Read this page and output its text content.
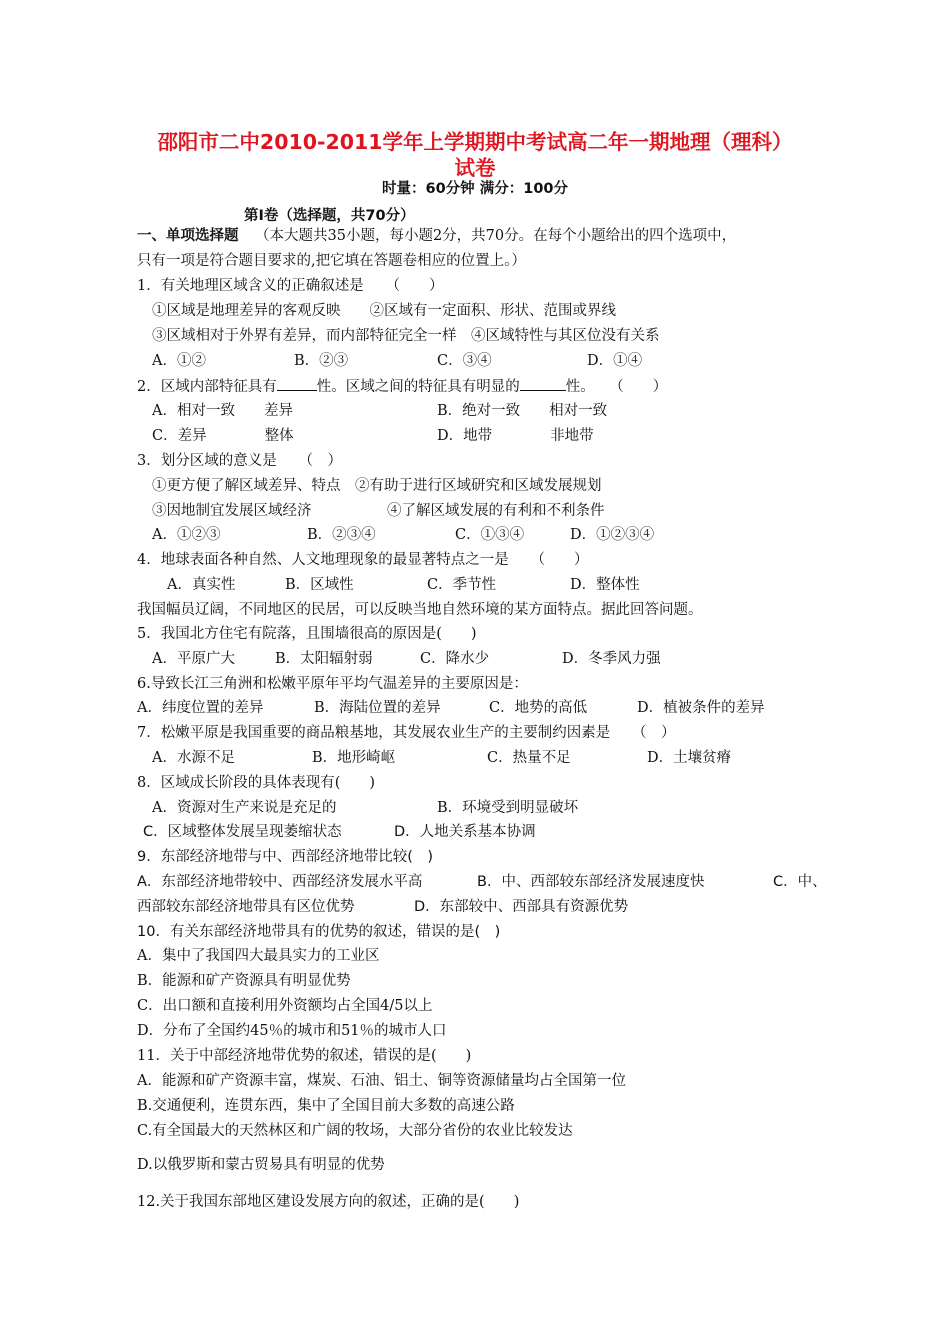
邵阳市二中2010-2011学年上学期期中考试高二年一期地理（理科）
试卷
时量：60分钟 满分：100分
第Ⅰ卷（选择题，共70分）
一、单项选择题 （本大题共35小题，每小题2分，共70分。在每个小题给出的四个选项中，
只有一项是符合题目要求的,把它填在答题卷相应的位置上。）
1．有关地理区域含义的正确叙述是　　（　　）
①区域是地理差异的客观反映　　②区域有一定面积、形状、范围或界线
③区域相对于外界有差异，而内部特征完全一样　④区域特性与其区位没有关系
A．①②	B．②③	C．③④	D．①④
2．区域内部特征具有	性。区域之间的特征具有明显的	性。　　（　　）
A．相对一致　　差异	B．绝对一致　　相对一致
C．差异　　　　整体	D．地带　　　　非地带
3．划分区域的意义是　　（　）
①更方便了解区域差异、特点　②有助于进行区域研究和区域发展规划
③因地制宜发展区域经济	④了解区域发展的有利和不利条件
A．①②③	B．②③④	C．①③④	D．①②③④
4．地球表面各种自然、人文地理现象的最显著特点之一是　　（　　）
A．真实性	B．区域性	C．季节性	D．整体性
我国幅员辽阔，不同地区的民居，可以反映当地自然环境的某方面特点。据此回答问题。
5．我国北方住宅有院落，且围墙很高的原因是(　　)
A．平原广大	B．太阳辐射弱	C．降水少	D．冬季风力强
6.导致长江三角洲和松嫩平原年平均气温差异的主要原因是：
A．纬度位置的差异	B．海陆位置的差异	C．地势的高低	D．植被条件的差异
7．松嫩平原是我国重要的商品粮基地，其发展农业生产的主要制约因素是　　（　）
A．水源不足	B．地形崎岖	C．热量不足	D．土壤贫瘠
8．区域成长阶段的具体表现有(　　)
A．资源对生产来说是充足的	B．环境受到明显破坏
C．区域整体发展呈现萎缩状态	D．人地关系基本协调
9．东部经济地带与中、西部经济地带比较(　)
A．东部经济地带较中、西部经济发展水平高	B．中、西部较东部经济发展速度快	C．中、
西部较东部经济地带具有区位优势	D．东部较中、西部具有资源优势
10．有关东部经济地带具有的优势的叙述，错误的是(　)
A．集中了我国四大最具实力的工业区
B．能源和矿产资源具有明显优势
C．出口额和直接利用外资额均占全国4/5以上
D．分布了全国约45％的城市和51％的城市人口
11．关于中部经济地带优势的叙述，错误的是(　　)
A．能源和矿产资源丰富，煤炭、石油、铝土、铜等资源储量均占全国第一位
B.交通便利，连贯东西，集中了全国目前大多数的高速公路
C.有全国最大的天然林区和广阔的牧场，大部分省份的农业比较发达
D.以俄罗斯和蒙古贸易具有明显的优势
12.关于我国东部地区建设发展方向的叙述，正确的是(　　)
